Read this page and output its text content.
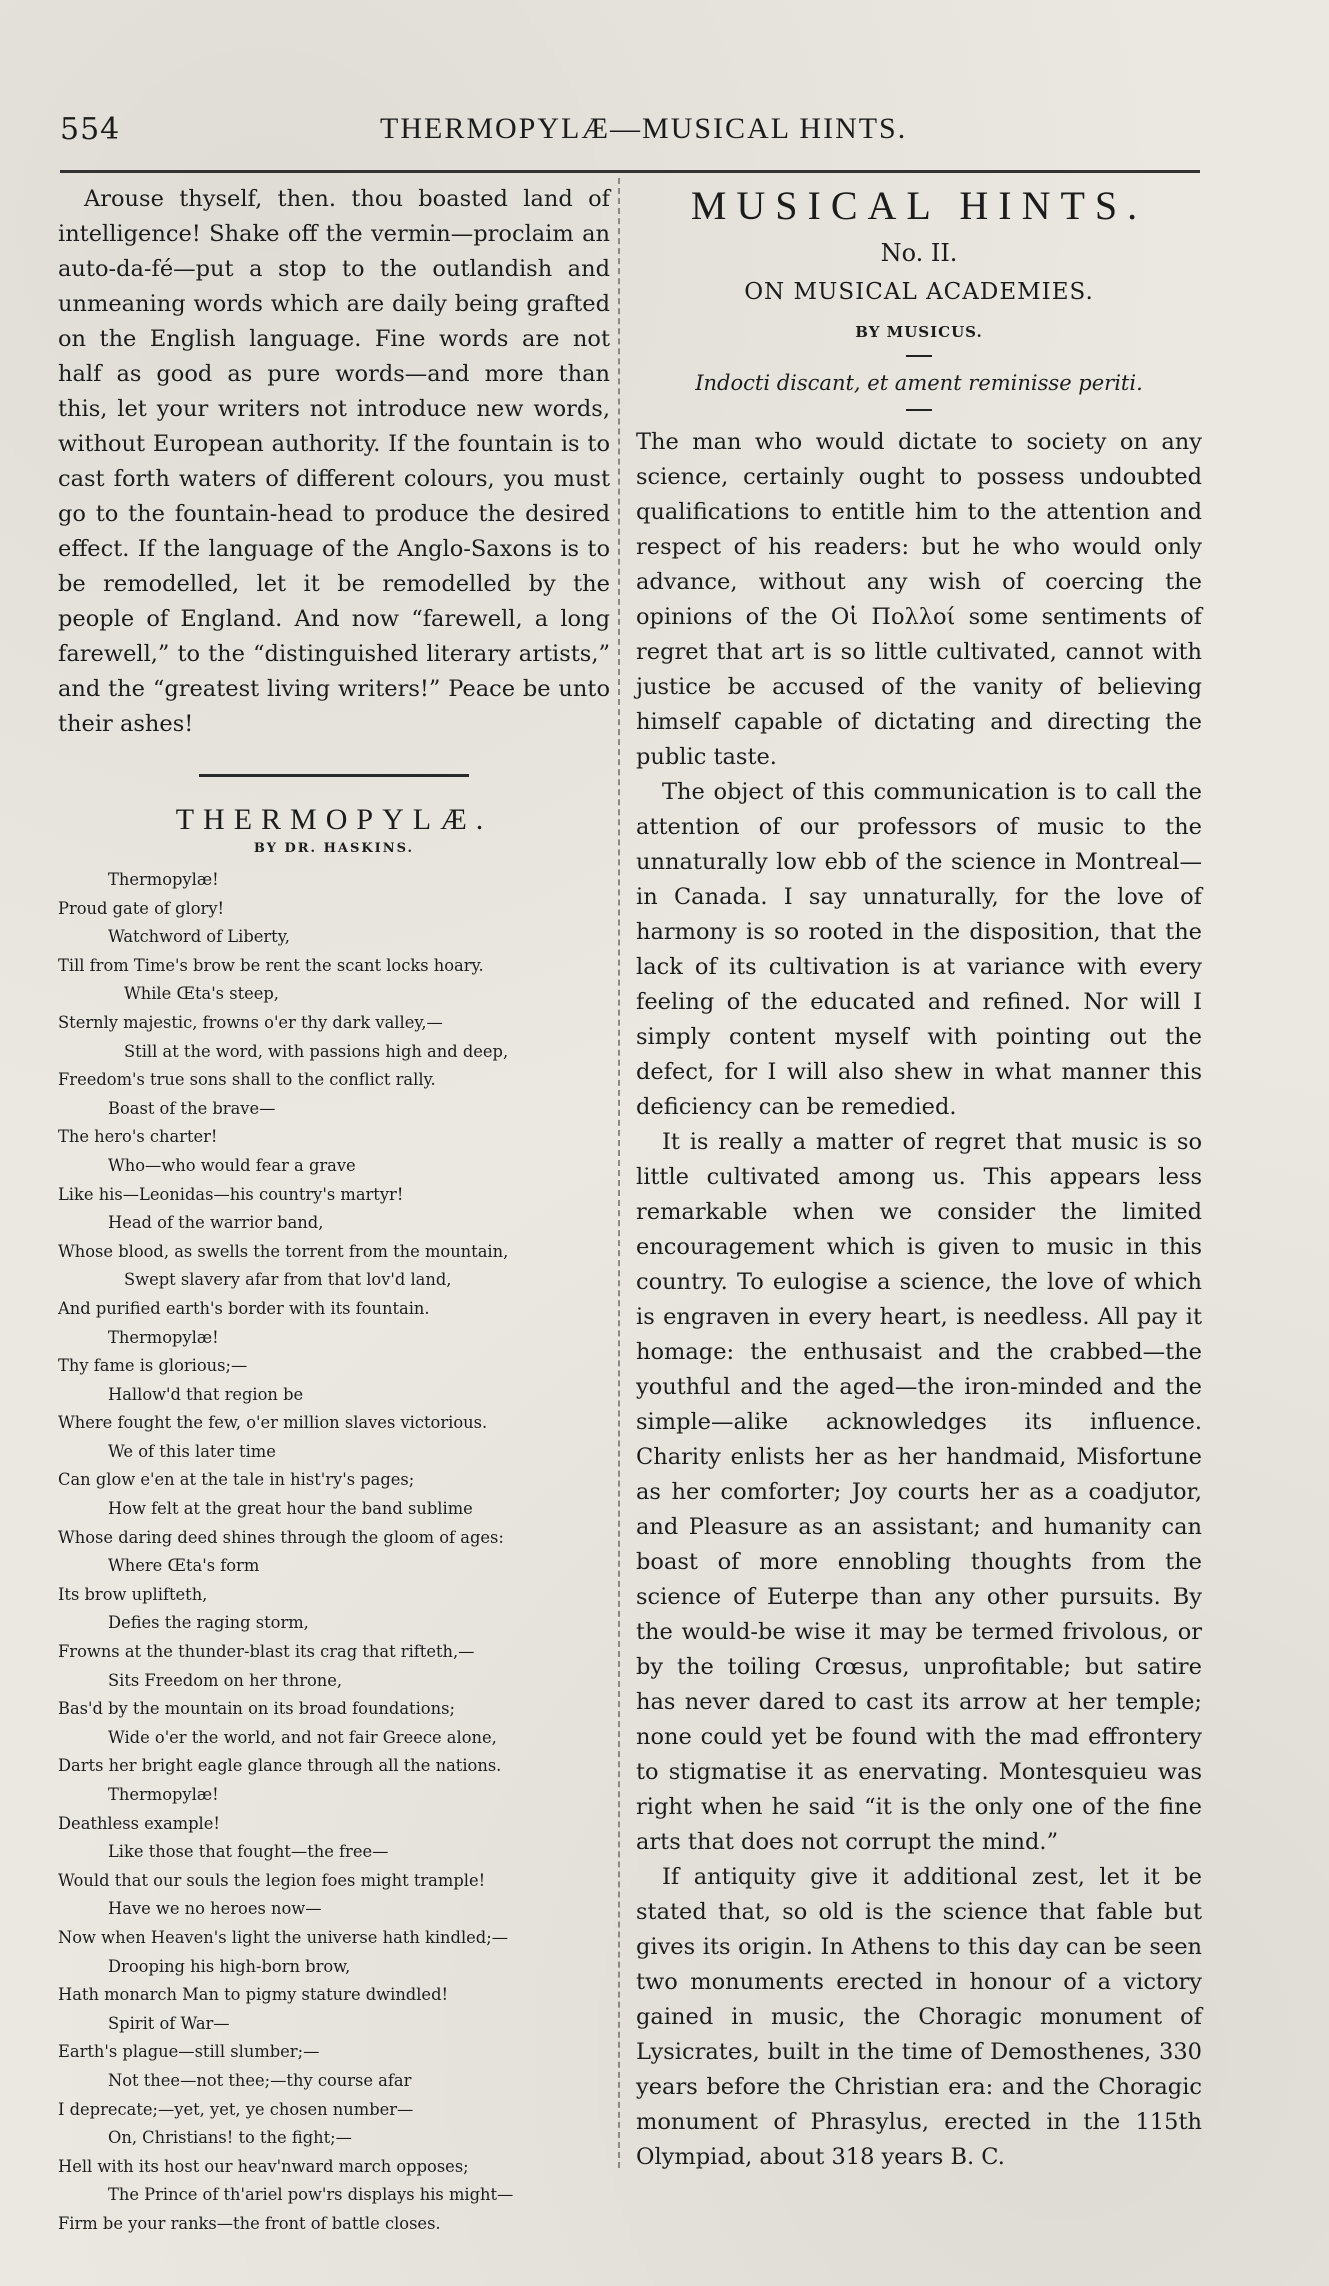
554	THERMOPYLÆ—MUSICAL HINTS.

Arouse thyself, then. thou boasted land of intelligence! Shake off the vermin—proclaim an auto-da-fé—put a stop to the outlandish and unmeaning words which are daily being grafted on the English language. Fine words are not half as good as pure words—and more than this, let your writers not introduce new words, without European authority. If the fountain is to cast forth waters of different colours, you must go to the fountain-head to produce the desired effect. If the language of the Anglo-Saxons is to be remodelled, let it be remodelled by the people of England. And now “farewell, a long farewell,” to the “distinguished literary artists,” and the “greatest living writers!” Peace be unto their ashes!

THERMOPYLÆ.
BY DR. HASKINS.
Thermopylæ!
Proud gate of glory!
Watchword of Liberty,
Till from Time's brow be rent the scant locks hoary.
While Œta's steep,
Sternly majestic, frowns o'er thy dark valley,—
Still at the word, with passions high and deep,
Freedom's true sons shall to the conflict rally.
Boast of the brave—
The hero's charter!
Who—who would fear a grave
Like his—Leonidas—his country's martyr!
Head of the warrior band,
Whose blood, as swells the torrent from the mountain,
Swept slavery afar from that lov'd land,
And purified earth's border with its fountain.
Thermopylæ!
Thy fame is glorious;—
Hallow'd that region be
Where fought the few, o'er million slaves victorious.
We of this later time
Can glow e'en at the tale in hist'ry's pages;
How felt at the great hour the band sublime
Whose daring deed shines through the gloom of ages:
Where Œta's form
Its brow uplifteth,
Defies the raging storm,
Frowns at the thunder-blast its crag that rifteth,—
Sits Freedom on her throne,
Bas'd by the mountain on its broad foundations;
Wide o'er the world, and not fair Greece alone,
Darts her bright eagle glance through all the nations.
Thermopylæ!
Deathless example!
Like those that fought—the free—
Would that our souls the legion foes might trample!
Have we no heroes now—
Now when Heaven's light the universe hath kindled;—
Drooping his high-born brow,
Hath monarch Man to pigmy stature dwindled!
Spirit of War—
Earth's plague—still slumber;—
Not thee—not thee;—thy course afar
I deprecate;—yet, yet, ye chosen number—
On, Christians! to the fight;—
Hell with its host our heav'nward march opposes;
The Prince of th'ariel pow'rs displays his might—
Firm be your ranks—the front of battle closes.
MUSICAL HINTS.
No. II.
ON MUSICAL ACADEMIES.
BY MUSICUS.
Indocti discant, et ament reminisse periti.

The man who would dictate to society on any science, certainly ought to possess undoubted qualifications to entitle him to the attention and respect of his readers: but he who would only advance, without any wish of coercing the opinions of the Οἱ Πολλοί some sentiments of regret that art is so little cultivated, cannot with justice be accused of the vanity of believing himself capable of dictating and directing the public taste.

The object of this communication is to call the attention of our professors of music to the unnaturally low ebb of the science in Montreal—in Canada. I say unnaturally, for the love of harmony is so rooted in the disposition, that the lack of its cultivation is at variance with every feeling of the educated and refined. Nor will I simply content myself with pointing out the defect, for I will also shew in what manner this deficiency can be remedied.

It is really a matter of regret that music is so little cultivated among us. This appears less remarkable when we consider the limited encouragement which is given to music in this country. To eulogise a science, the love of which is engraven in every heart, is needless. All pay it homage: the enthusaist and the crabbed—the youthful and the aged—the iron-minded and the simple—alike acknowledges its influence. Charity enlists her as her handmaid, Misfortune as her comforter; Joy courts her as a coadjutor, and Pleasure as an assistant; and humanity can boast of more ennobling thoughts from the science of Euterpe than any other pursuits. By the would-be wise it may be termed frivolous, or by the toiling Crœsus, unprofitable; but satire has never dared to cast its arrow at her temple; none could yet be found with the mad effrontery to stigmatise it as enervating. Montesquieu was right when he said “it is the only one of the fine arts that does not corrupt the mind.”

If antiquity give it additional zest, let it be stated that, so old is the science that fable but gives its origin. In Athens to this day can be seen two monuments erected in honour of a victory gained in music, the Choragic monument of Lysicrates, built in the time of Demosthenes, 330 years before the Christian era: and the Choragic monument of Phrasylus, erected in the 115th Olympiad, about 318 years B. C.
